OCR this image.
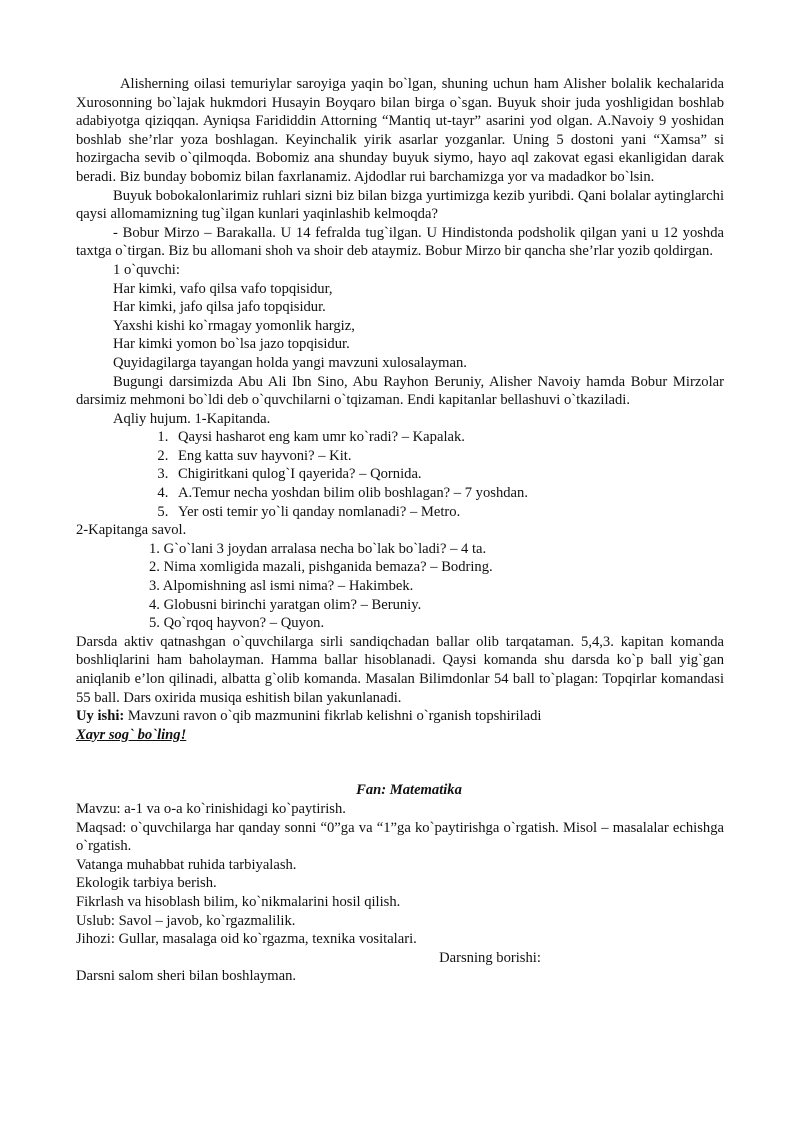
Alisherning oilasi temuriylar saroyiga yaqin bo`lgan, shuning uchun ham Alisher bolalik kechalarida Xurosonning bo`lajak hukmdori Husayin Boyqaro bilan birga o`sgan. Buyuk shoir juda yoshligidan boshlab adabiyotga qiziqqan. Ayniqsa Farididdin Attorning “Mantiq ut-tayr” asarini yod olgan. A.Navoiy 9 yoshidan boshlab she’rlar yoza boshlagan. Keyinchalik yirik asarlar yozganlar. Uning 5 dostoni yani “Xamsa” si hozirgacha sevib o`qilmoqda. Bobomiz ana shunday buyuk siymo, hayo aql zakovat egasi ekanligidan darak beradi. Biz bunday bobomiz bilan faxrlanamiz. Ajdodlar rui barchamizga yor va madadkor bo`lsin.

Buyuk bobokalonlarimiz ruhlari sizni biz bilan bizga yurtimizga kezib yuribdi. Qani bolalar aytinglarchi qaysi allomamizning tug`ilgan kunlari yaqinlashib kelmoqda?

- Bobur Mirzo – Barakalla. U 14 fefralda tug`ilgan. U Hindistonda podsholik qilgan yani u 12 yoshda taxtga o`tirgan. Biz bu allomani shoh va shoir deb ataymiz. Bobur Mirzo bir qancha she’rlar yozib qoldirgan.

1 o`quvchi:

Har kimki, vafo qilsa vafo topqisidur,

Har kimki, jafo qilsa jafo topqisidur.

Yaxshi kishi ko`rmagay yomonlik hargiz,

Har kimki yomon bo`lsa jazo topqisidur.

Quyidagilarga tayangan holda yangi mavzuni xulosalayman.

Bugungi darsimizda Abu Ali Ibn Sino, Abu Rayhon Beruniy, Alisher Navoiy hamda Bobur Mirzolar darsimiz mehmoni bo`ldi deb o`quvchilarni o`tqizaman. Endi kapitanlar bellashuvi o`tkaziladi.

Aqliy hujum. 1-Kapitanda.

1. Qaysi hasharot eng kam umr ko`radi? – Kapalak.
2. Eng katta suv hayvoni? – Kit.
3. Chigiritkani qulog`I qayerida? – Qornida.
4. A.Temur necha yoshdan bilim olib boshlagan? – 7 yoshdan.
5. Yer osti temir yo`li qanday nomlanadi? – Metro.

2-Kapitanga savol.

1. G`o`lani 3 joydan arralasa necha bo`lak bo`ladi? – 4 ta.

2. Nima xomligida mazali, pishganida bemaza? – Bodring.

3. Alpomishning asl ismi nima? – Hakimbek.

4. Globusni birinchi yaratgan olim? – Beruniy.

5. Qo`rqoq hayvon? – Quyon.

Darsda aktiv qatnashgan o`quvchilarga sirli sandiqchadan ballar olib tarqataman. 5,4,3. kapitan komanda boshliqlarini ham baholayman. Hamma ballar hisoblanadi. Qaysi komanda shu darsda ko`p ball yig`gan aniqlanib e’lon qilinadi, albatta g`olib komanda. Masalan Bilimdonlar 54 ball to`plagan: Topqirlar komandasi 55 ball. Dars oxirida musiqa eshitish bilan yakunlanadi.

Uy ishi: Mavzuni ravon o`qib mazmunini fikrlab kelishni o`rganish topshiriladi

Xayr sog` bo`ling!

Fan: Matematika

Mavzu: a-1 va o-a ko`rinishidagi ko`paytirish.

Maqsad: o`quvchilarga har qanday sonni “0”ga va “1”ga ko`paytirishga o`rgatish. Misol – masalalar echishga o`rgatish.

Vatanga muhabbat ruhida tarbiyalash.

Ekologik tarbiya berish.

Fikrlash va hisoblash bilim, ko`nikmalarini hosil qilish.

Uslub: Savol – javob, ko`rgazmalilik.

Jihozi: Gullar, masalaga oid ko`rgazma, texnika vositalari.

Darsning borishi:

Darsni salom sheri bilan boshlayman.
